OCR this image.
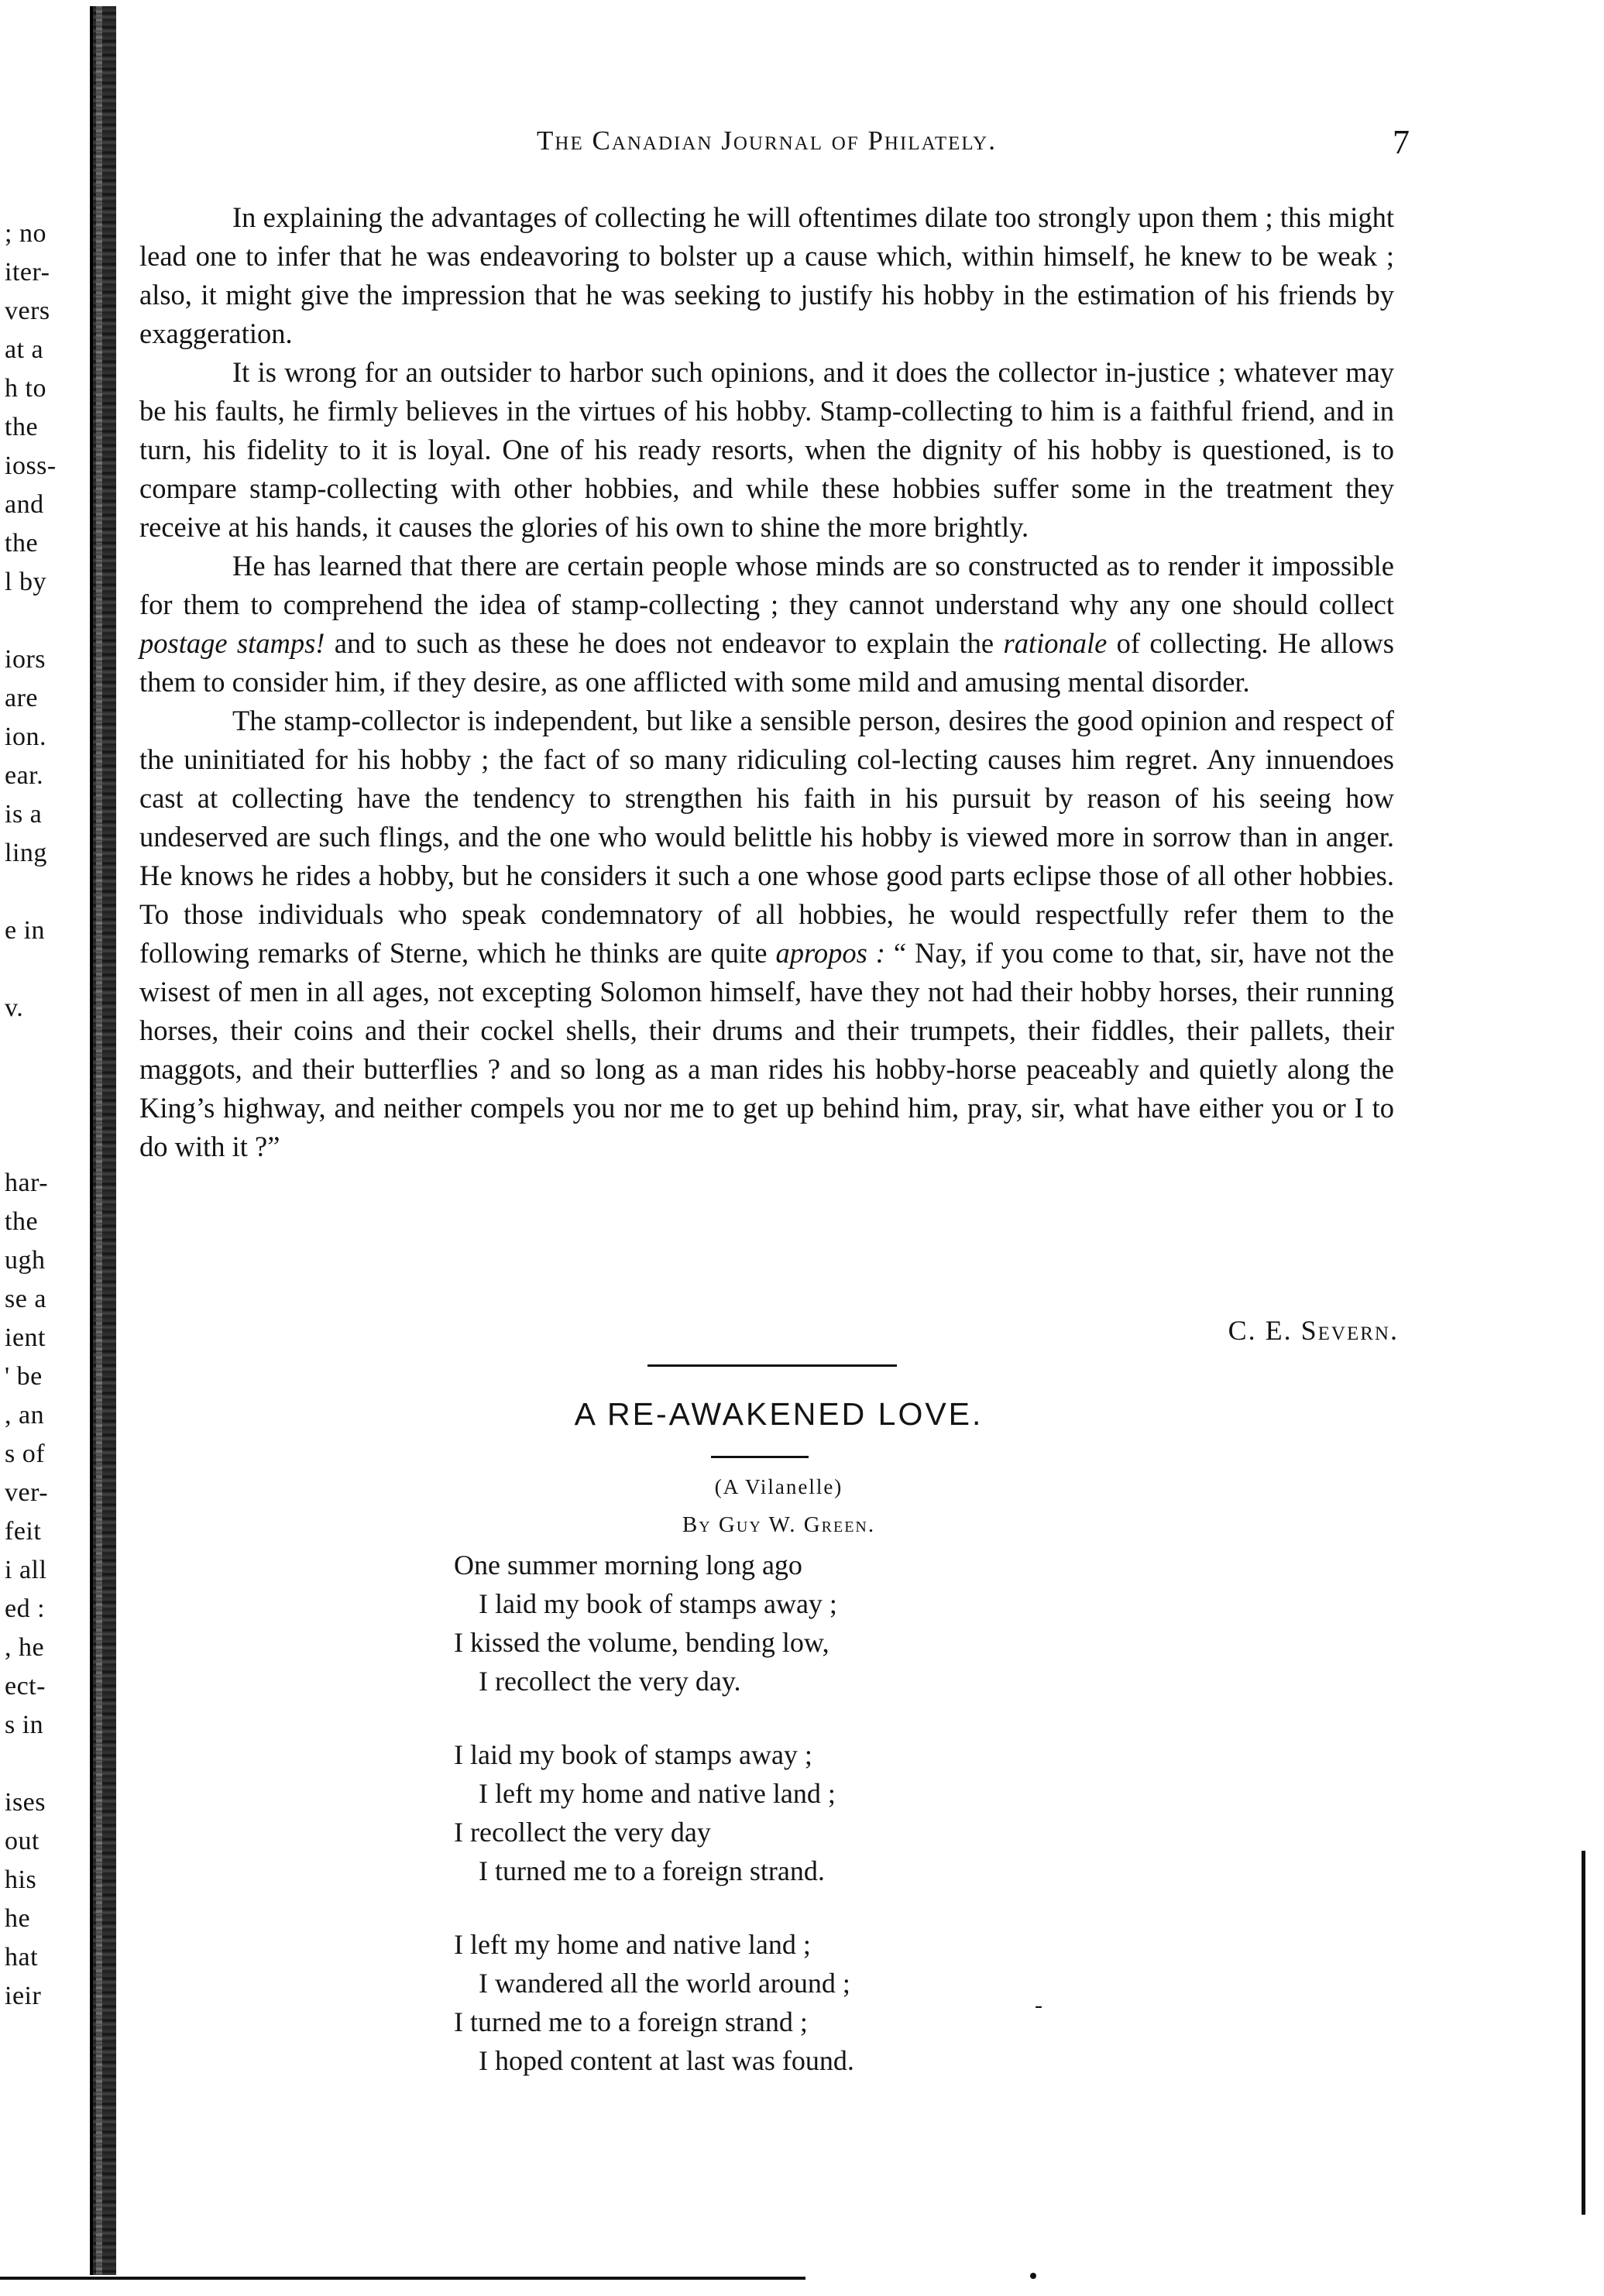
; no
iter-
vers
at a
h to
the
ioss-
and
the
l by
iors
are
ion.
ear.
is a
ling
e in
v.
har-
the
ugh
se a
ient
' be
, an
s of
ver-
feit
i all
ed :
, he
ect-
s in
ises
out
his
he
hat
ieir
The Canadian Journal of Philately.	7

In explaining the advantages of collecting he will oftentimes dilate too strongly upon them ; this might lead one to infer that he was endeavoring to bolster up a cause which, within himself, he knew to be weak ; also, it might give the impression that he was seeking to justify his hobby in the estimation of his friends by exaggeration.

It is wrong for an outsider to harbor such opinions, and it does the collector in-justice ; whatever may be his faults, he firmly believes in the virtues of his hobby. Stamp-collecting to him is a faithful friend, and in turn, his fidelity to it is loyal. One of his ready resorts, when the dignity of his hobby is questioned, is to compare stamp-collecting with other hobbies, and while these hobbies suffer some in the treatment they receive at his hands, it causes the glories of his own to shine the more brightly.

He has learned that there are certain people whose minds are so constructed as to render it impossible for them to comprehend the idea of stamp-collecting ; they cannot understand why any one should collect postage stamps! and to such as these he does not endeavor to explain the rationale of collecting. He allows them to consider him, if they desire, as one afflicted with some mild and amusing mental disorder.

The stamp-collector is independent, but like a sensible person, desires the good opinion and respect of the uninitiated for his hobby ; the fact of so many ridiculing col-lecting causes him regret. Any innuendoes cast at collecting have the tendency to strengthen his faith in his pursuit by reason of his seeing how undeserved are such flings, and the one who would belittle his hobby is viewed more in sorrow than in anger. He knows he rides a hobby, but he considers it such a one whose good parts eclipse those of all other hobbies. To those individuals who speak condemnatory of all hobbies, he would respectfully refer them to the following remarks of Sterne, which he thinks are quite apropos : “ Nay, if you come to that, sir, have not the wisest of men in all ages, not excepting Solomon himself, have they not had their hobby horses, their running horses, their coins and their cockel shells, their drums and their trumpets, their fiddles, their pallets, their maggots, and their butterflies ? and so long as a man rides his hobby-horse peaceably and quietly along the King’s highway, and neither compels you nor me to get up behind him, pray, sir, what have either you or I to do with it ?”

C. E. Severn.
A RE-AWAKENED LOVE.
(A Vilanelle)
By Guy W. Green.
One summer morning long ago
I laid my book of stamps away ;
I kissed the volume, bending low,
I recollect the very day.
I laid my book of stamps away ;
I left my home and native land ;
I recollect the very day
I turned me to a foreign strand.
I left my home and native land ;
I wandered all the world around ;
I turned me to a foreign strand ;
I hoped content at last was found.
-
